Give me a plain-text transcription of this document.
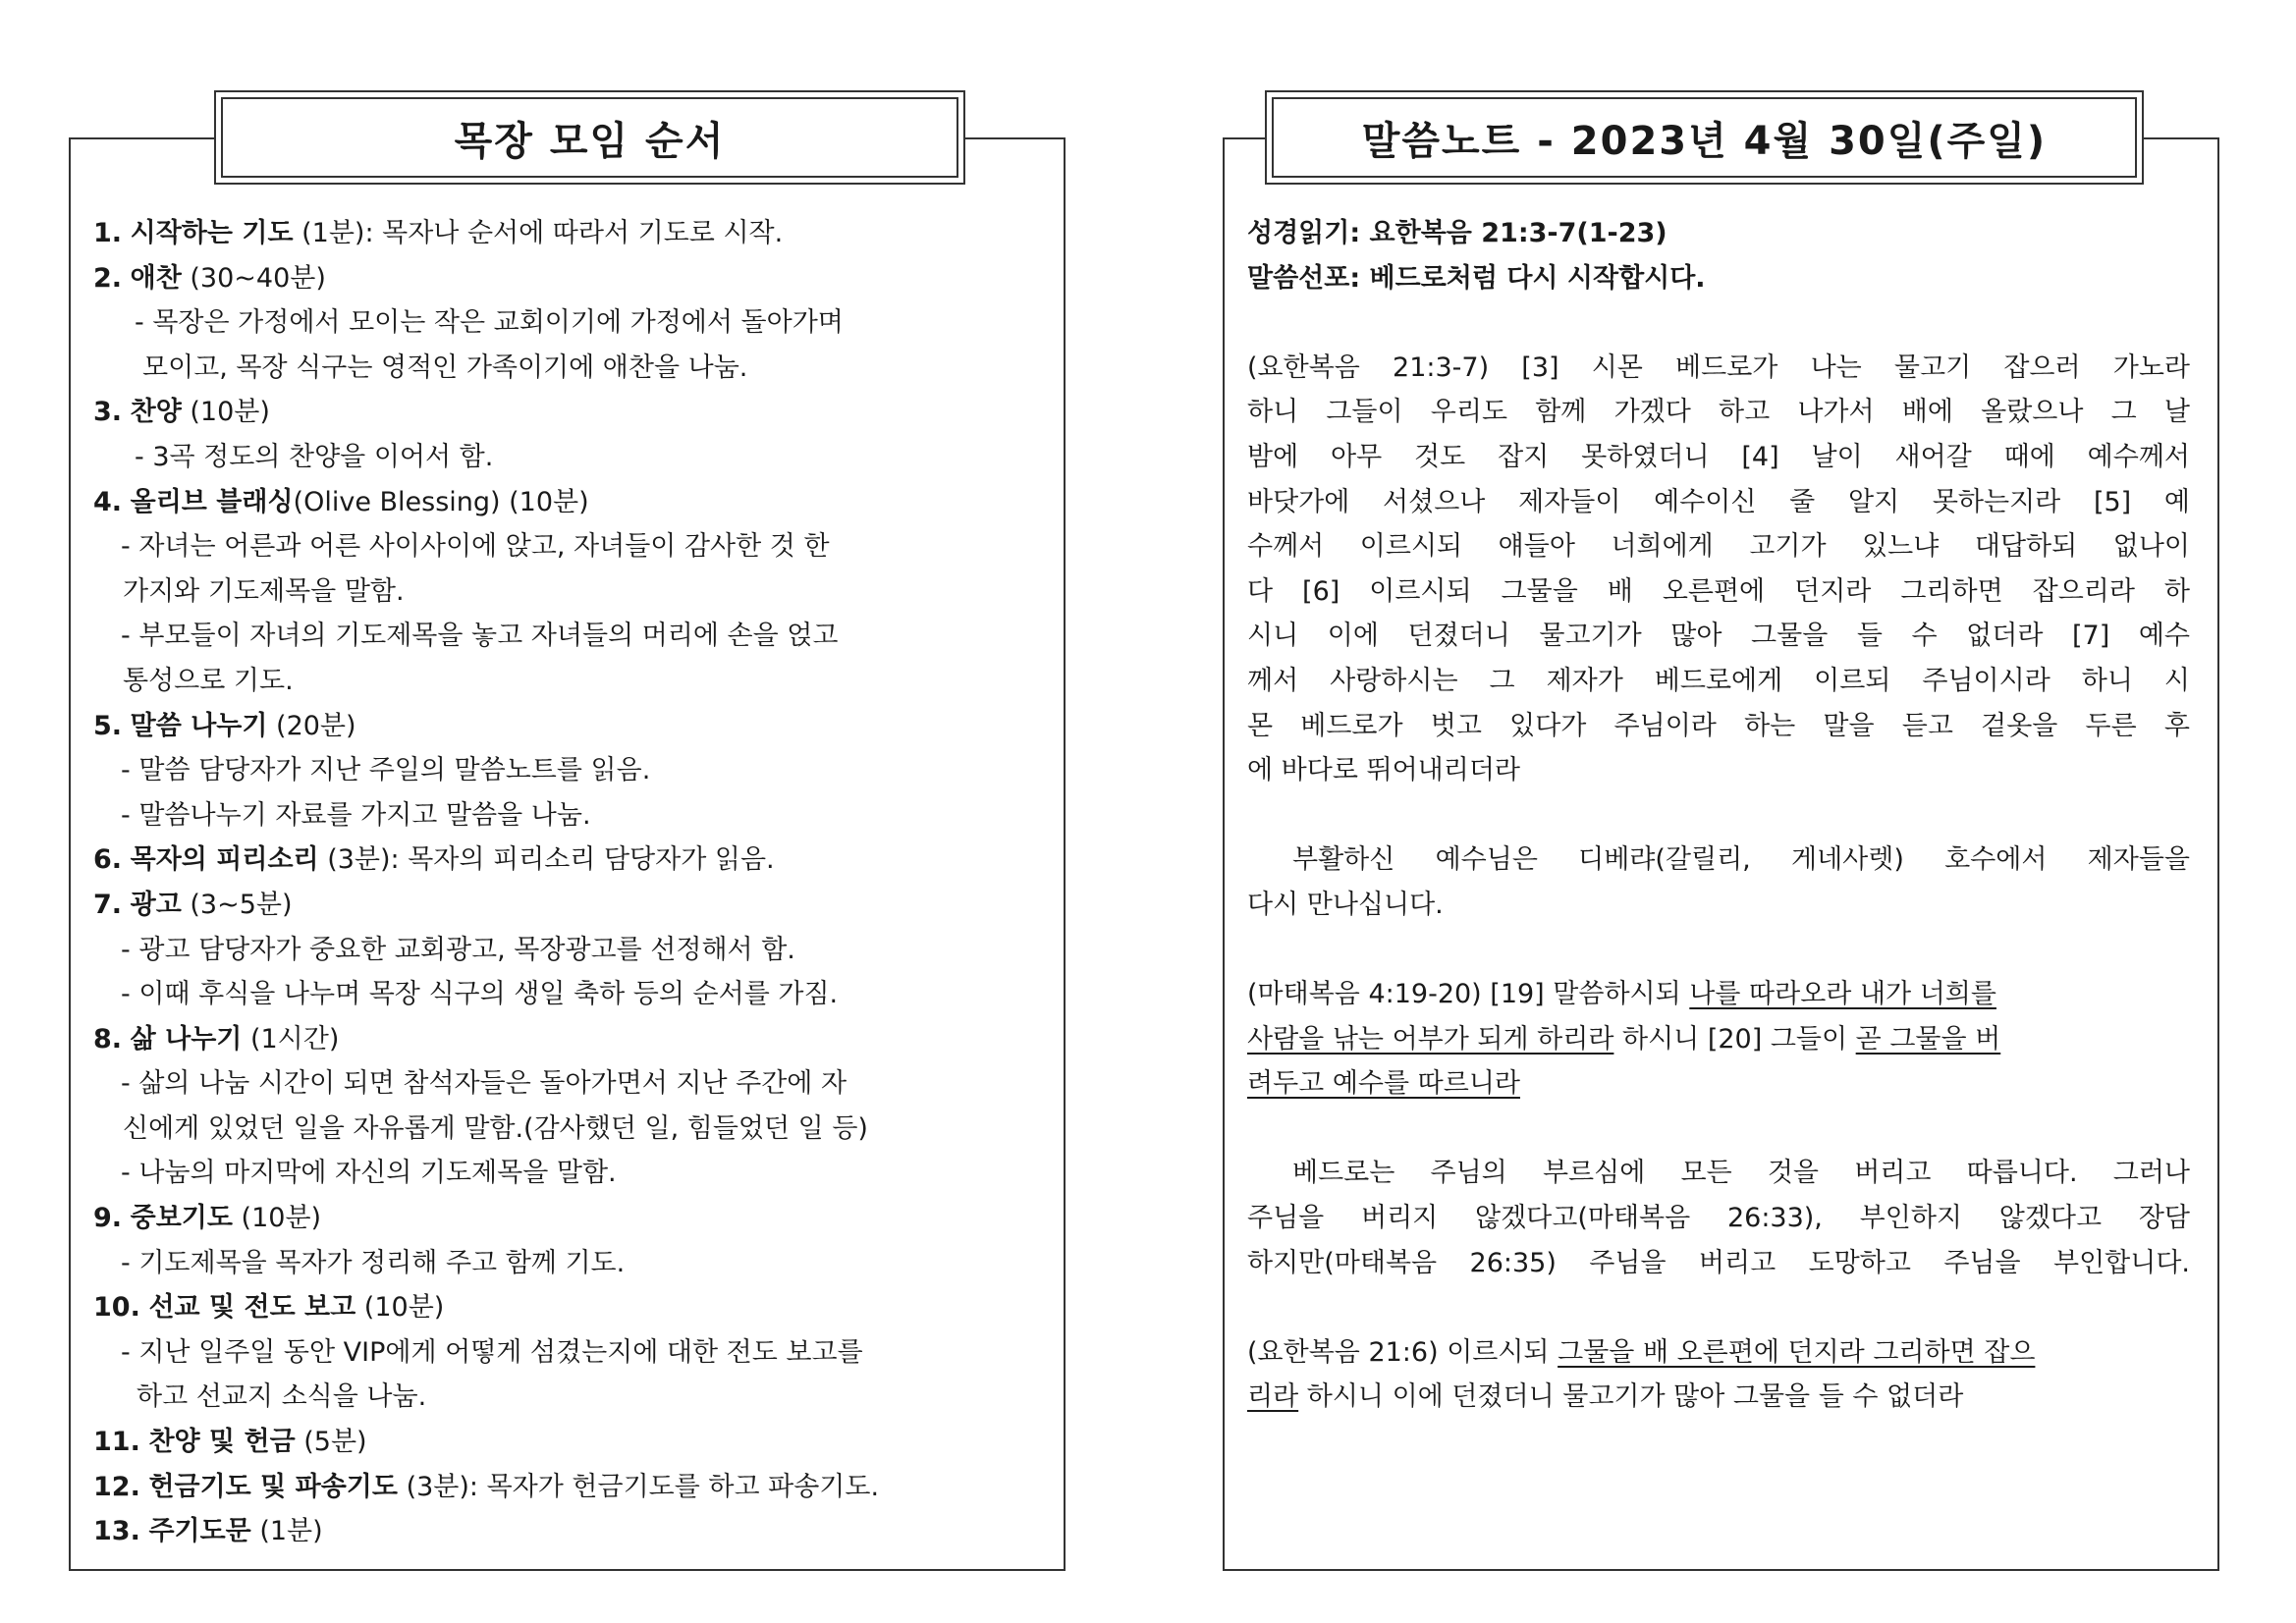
목장 모임 순서	말씀노트 - 2023년 4월 30일(주일)
1. 시작하는 기도 (1분): 목자나 순서에 따라서 기도로 시작.
2. 애찬 (30~40분)
- 목장은 가정에서 모이는 작은 교회이기에 가정에서 돌아가며
모이고, 목장 식구는 영적인 가족이기에 애찬을 나눔.
3. 찬양 (10분)
- 3곡 정도의 찬양을 이어서 함.
4. 올리브 블래싱(Olive Blessing) (10분)
- 자녀는 어른과 어른 사이사이에 앉고, 자녀들이 감사한 것 한
가지와 기도제목을 말함.
- 부모들이 자녀의 기도제목을 놓고 자녀들의 머리에 손을 얹고
통성으로 기도.
5. 말씀 나누기 (20분)
- 말씀 담당자가 지난 주일의 말씀노트를 읽음.
- 말씀나누기 자료를 가지고 말씀을 나눔.
6. 목자의 피리소리 (3분): 목자의 피리소리 담당자가 읽음.
7. 광고 (3~5분)
- 광고 담당자가 중요한 교회광고, 목장광고를 선정해서 함.
- 이때 후식을 나누며 목장 식구의 생일 축하 등의 순서를 가짐.
8. 삶 나누기 (1시간)
- 삶의 나눔 시간이 되면 참석자들은 돌아가면서 지난 주간에 자
신에게 있었던 일을 자유롭게 말함.(감사했던 일, 힘들었던 일 등)
- 나눔의 마지막에 자신의 기도제목을 말함.
9. 중보기도 (10분)
- 기도제목을 목자가 정리해 주고 함께 기도.
10. 선교 및 전도 보고 (10분)
- 지난 일주일 동안 VIP에게 어떻게 섬겼는지에 대한 전도 보고를
하고 선교지 소식을 나눔.
11. 찬양 및 헌금 (5분)
12. 헌금기도 및 파송기도 (3분): 목자가 헌금기도를 하고 파송기도.
13. 주기도문 (1분)
성경읽기: 요한복음 21:3-7(1-23)
말씀선포: 베드로처럼 다시 시작합시다.
(요한복음 21:3-7) [3] 시몬 베드로가 나는 물고기 잡으러 가노라
하니 그들이 우리도 함께 가겠다 하고 나가서 배에 올랐으나 그 날
밤에 아무 것도 잡지 못하였더니 [4] 날이 새어갈 때에 예수께서
바닷가에 서셨으나 제자들이 예수이신 줄 알지 못하는지라 [5] 예
수께서 이르시되 얘들아 너희에게 고기가 있느냐 대답하되 없나이
다 [6] 이르시되 그물을 배 오른편에 던지라 그리하면 잡으리라 하
시니 이에 던졌더니 물고기가 많아 그물을 들 수 없더라 [7] 예수
께서 사랑하시는 그 제자가 베드로에게 이르되 주님이시라 하니 시
몬 베드로가 벗고 있다가 주님이라 하는 말을 듣고 겉옷을 두른 후
에 바다로 뛰어내리더라
부활하신 예수님은 디베랴(갈릴리, 게네사렛) 호수에서 제자들을
다시 만나십니다.
(마태복음 4:19-20) [19] 말씀하시되 나를 따라오라 내가 너희를
사람을 낚는 어부가 되게 하리라 하시니 [20] 그들이 곧 그물을 버
려두고 예수를 따르니라
베드로는 주님의 부르심에 모든 것을 버리고 따릅니다. 그러나
주님을 버리지 않겠다고(마태복음 26:33), 부인하지 않겠다고 장담
하지만(마태복음 26:35) 주님을 버리고 도망하고 주님을 부인합니다.
(요한복음 21:6) 이르시되 그물을 배 오른편에 던지라 그리하면 잡으
리라 하시니 이에 던졌더니 물고기가 많아 그물을 들 수 없더라
